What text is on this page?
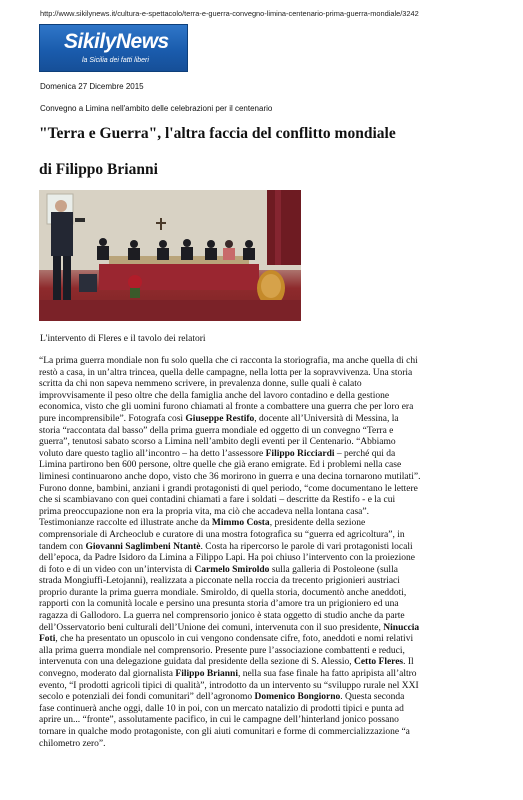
http://www.sikilynews.it/cultura-e-spettacolo/terra-e-guerra-convegno-limina-centenario-prima-guerra-mondiale/3242
SikilyNews
la Sicilia dei fatti liberi
Domenica 27 Dicembre 2015
Convegno a Limina nell'ambito delle celebrazioni per il centenario
"Terra e Guerra", l'altra faccia del conflitto mondiale
di Filippo Brianni
L'intervento di Fleres e il tavolo dei relatori
“La prima guerra mondiale non fu solo quella che ci racconta la storiografia, ma anche quella di chi
restò a casa, in un’altra trincea, quella delle campagne, nella lotta per la sopravvivenza. Una storia
scritta da chi non sapeva nemmeno scrivere, in prevalenza donne, sulle quali è calato
improvvisamente il peso oltre che della famiglia anche del lavoro contadino e della gestione
economica, visto che gli uomini furono chiamati al fronte a combattere una guerra che per loro era
pure incomprensibile”. Fotografa così Giuseppe Restifo, docente all’Università di Messina, la
storia “raccontata dal basso” della prima guerra mondiale ed oggetto di un convegno “Terra e
guerra”, tenutosi sabato scorso a Limina nell’ambito degli eventi per il Centenario. “Abbiamo
voluto dare questo taglio all’incontro – ha detto l’assessore Filippo Ricciardi – perché qui da
Limina partirono ben 600 persone, oltre quelle che già erano emigrate. Ed i problemi nella case
liminesi continuarono anche dopo, visto che 36 morirono in guerra e una decina tornarono mutilati”.
Furono donne, bambini, anziani i grandi protagonisti di quel periodo, “come documentano le lettere
che si scambiavano con quei contadini chiamati a fare i soldati – descritte da Restifo - e la cui
prima preoccupazione non era la propria vita, ma ciò che accadeva nella lontana casa”.
Testimonianze raccolte ed illustrate anche da Mimmo Costa, presidente della sezione
comprensoriale di Archeoclub e curatore di una mostra fotografica su “guerra ed agricoltura”, in
tandem con Giovanni Saglimbeni Ntantè. Costa ha ripercorso le parole di vari protagonisti locali
dell’epoca, da Padre Isidoro da Limina a Filippo Lapi. Ha poi chiuso l’intervento con la proiezione
di foto e di un video con un’intervista di Carmelo Smiroldo sulla galleria di Postoleone (sulla
strada Mongiuffi-Letojanni), realizzata a picconate nella roccia da trecento prigionieri austriaci
proprio durante la prima guerra mondiale. Smiroldo, di quella storia, documentò anche aneddoti,
rapporti con la comunità locale e persino una presunta storia d’amore tra un prigioniero ed una
ragazza di Gallodoro. La guerra nel comprensorio jonico è stata oggetto di studio anche da parte
dell’Osservatorio beni culturali dell’Unione dei comuni, intervenuta con il suo presidente, Ninuccia
Foti, che ha presentato un opuscolo in cui vengono condensate cifre, foto, aneddoti e nomi relativi
alla prima guerra mondiale nel comprensorio. Presente pure l’associazione combattenti e reduci,
intervenuta con una delegazione guidata dal presidente della sezione di S. Alessio, Cetto Fleres. Il
convegno, moderato dal giornalista Filippo Brianni, nella sua fase finale ha fatto apripista all’altro
evento, “I prodotti agricoli tipici di qualità”, introdotto da un intervento su “sviluppo rurale nel XXI
secolo e potenziali dei fondi comunitari” dell’agronomo Domenico Bongiorno. Questa seconda
fase continuerà anche oggi, dalle 10 in poi, con un mercato natalizio di prodotti tipici e punta ad
aprire un... “fronte”, assolutamente pacifico, in cui le campagne dell’hinterland jonico possano
tornare in qualche modo protagoniste, con gli aiuti comunitari e forme di commercializzazione “a
chilometro zero”.
